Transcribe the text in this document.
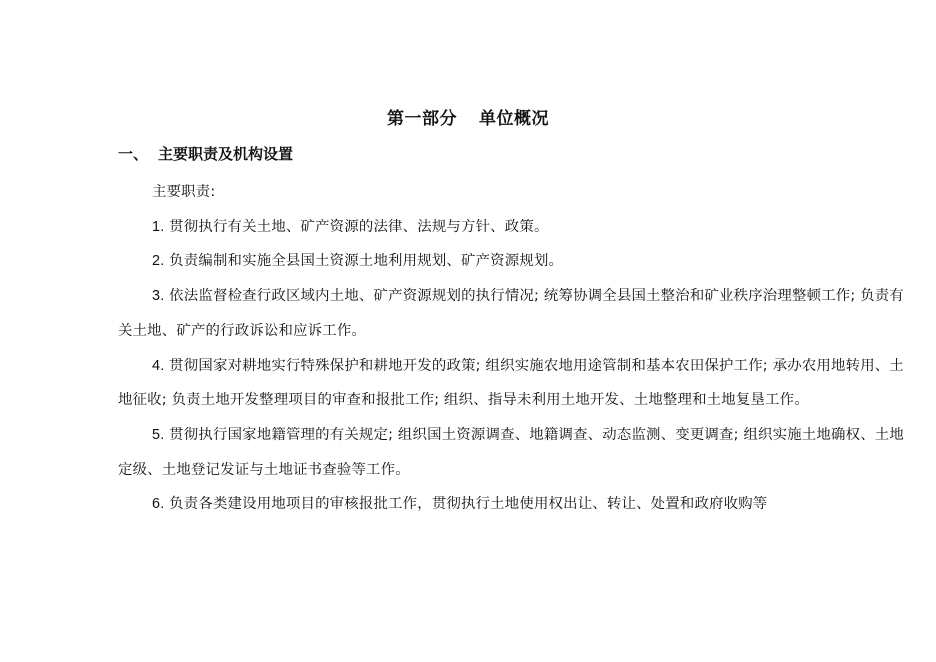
第一部分 单位概况
一、 主要职责及机构设置

主要职责:

1. 贯彻执行有关土地、矿产资源的法律、法规与方针、政策。

2. 负责编制和实施全县国土资源土地利用规划、矿产资源规划。

3. 依法监督检查行政区域内土地、矿产资源规划的执行情况; 统筹协调全县国土整治和矿业秩序治理整顿工作; 负责有关土地、矿产的行政诉讼和应诉工作。

4. 贯彻国家对耕地实行特殊保护和耕地开发的政策; 组织实施农地用途管制和基本农田保护工作; 承办农用地转用、土地征收; 负责土地开发整理项目的审查和报批工作; 组织、指导未利用土地开发、土地整理和土地复垦工作。

5. 贯彻执行国家地籍管理的有关规定; 组织国土资源调查、地籍调查、动态监测、变更调查; 组织实施土地确权、土地定级、土地登记发证与土地证书查验等工作。

6. 负责各类建设用地项目的审核报批工作，贯彻执行土地使用权出让、转让、处置和政府收购等
